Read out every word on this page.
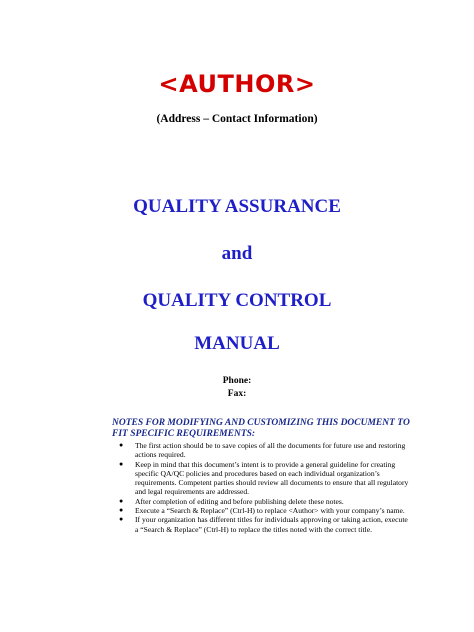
<AUTHOR>
(Address – Contact Information)
QUALITY ASSURANCE
and
QUALITY CONTROL
MANUAL
Phone:
Fax:
NOTES FOR MODIFYING AND CUSTOMIZING THIS DOCUMENT TO FIT SPECIFIC REQUIREMENTS:
● The first action should be to save copies of all the documents for future use and restoring actions required.
● Keep in mind that this document’s intent is to provide a general guideline for creating specific QA/QC policies and procedures based on each individual organization’s requirements. Competent parties should review all documents to ensure that all regulatory and legal requirements are addressed.
● After completion of editing and before publishing delete these notes.
● Execute a “Search & Replace” (Ctrl-H) to replace <Author> with your company’s name.
● If your organization has different titles for individuals approving or taking action, execute a “Search & Replace” (Ctrl-H) to replace the titles noted with the correct title.
